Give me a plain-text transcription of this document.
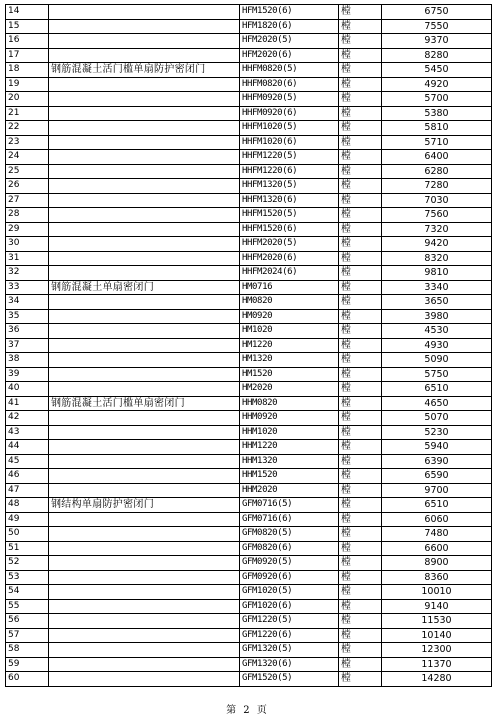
14		HFM1520(6)	樘	6750
15		HFM1820(6)	樘	7550
16		HFM2020(5)	樘	9370
17		HFM2020(6)	樘	8280
18	钢筋混凝土活门槛单扇防护密闭门	HHFM0820(5)	樘	5450
19		HHFM0820(6)	樘	4920
20		HHFM0920(5)	樘	5700
21		HHFM0920(6)	樘	5380
22		HHFM1020(5)	樘	5810
23		HHFM1020(6)	樘	5710
24		HHFM1220(5)	樘	6400
25		HHFM1220(6)	樘	6280
26		HHFM1320(5)	樘	7280
27		HHFM1320(6)	樘	7030
28		HHFM1520(5)	樘	7560
29		HHFM1520(6)	樘	7320
30		HHFM2020(5)	樘	9420
31		HHFM2020(6)	樘	8320
32		HHFM2024(6)	樘	9810
33	钢筋混凝土单扇密闭门	HM0716	樘	3340
34		HM0820	樘	3650
35		HM0920	樘	3980
36		HM1020	樘	4530
37		HM1220	樘	4930
38		HM1320	樘	5090
39		HM1520	樘	5750
40		HM2020	樘	6510
41	钢筋混凝土活门槛单扇密闭门	HHM0820	樘	4650
42		HHM0920	樘	5070
43		HHM1020	樘	5230
44		HHM1220	樘	5940
45		HHM1320	樘	6390
46		HHM1520	樘	6590
47		HHM2020	樘	9700
48	钢结构单扇防护密闭门	GFM0716(5)	樘	6510
49		GFM0716(6)	樘	6060
50		GFM0820(5)	樘	7480
51		GFM0820(6)	樘	6600
52		GFM0920(5)	樘	8900
53		GFM0920(6)	樘	8360
54		GFM1020(5)	樘	10010
55		GFM1020(6)	樘	9140
56		GFM1220(5)	樘	11530
57		GFM1220(6)	樘	10140
58		GFM1320(5)	樘	12300
59		GFM1320(6)	樘	11370
60		GFM1520(5)	樘	14280
第 2 页
